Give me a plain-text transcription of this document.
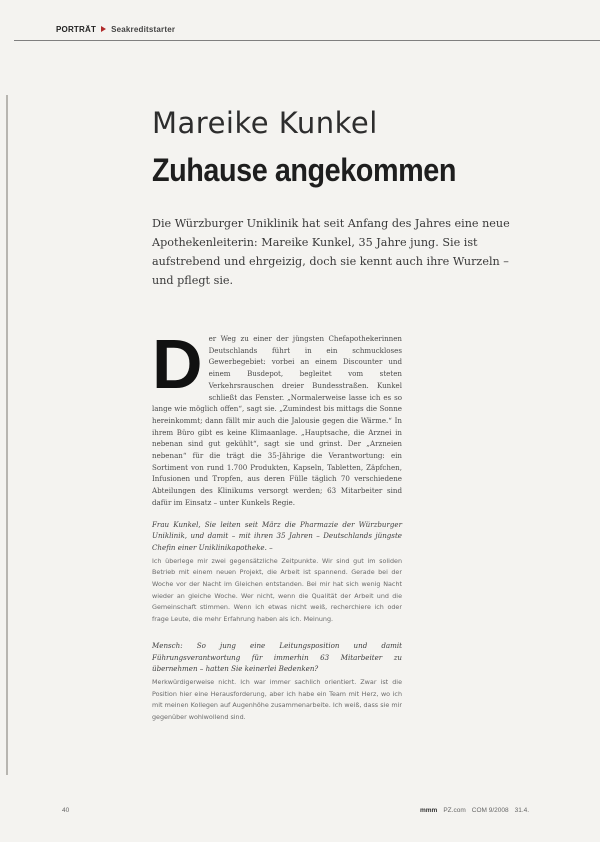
PORTRÄT Seakreditstarter
Mareike Kunkel
Zuhause angekommen
Die Würzburger Uniklinik hat seit Anfang des Jahres eine neue Apothekenleiterin: Mareike Kunkel, 35 Jahre jung. Sie ist aufstrebend und ehrgeizig, doch sie kennt auch ihre Wurzeln – und pflegt sie.

Der Weg zu einer der jüngsten Chefapothekerinnen Deutschlands führt in ein schmuckloses Gewerbegebiet: vorbei an einem Discounter und einem Busdepot, begleitet vom steten Verkehrsrauschen dreier Bundesstraßen. Kunkel schließt das Fenster. „Normalerweise lasse ich es so lange wie möglich offen“, sagt sie. „Zumindest bis mittags die Sonne hereinkommt; dann fällt mir auch die Jalousie gegen die Wärme.“ In ihrem Büro gibt es keine Klimaanlage. „Hauptsache, die Arznei in nebenan sind gut gekühlt“, sagt sie und grinst. Der „Arzneien nebenan“ für die trägt die 35-Jährige die Verantwortung: ein Sortiment von rund 1.700 Produkten, Kapseln, Tabletten, Zäpfchen, Infusionen und Tropfen, aus deren Fülle täglich 70 verschiedene Abteilungen des Klinikums versorgt werden; 63 Mitarbeiter sind dafür im Einsatz – unter Kunkels Regie.

Frau Kunkel, Sie leiten seit März die Pharmazie der Würzburger Uniklinik, und damit – mit ihren 35 Jahren – Deutschlands jüngste Chefin einer Uniklinikapotheke. –

Ich überlege mir zwei gegensätzliche Zeitpunkte. Wir sind gut im soliden Betrieb mit einem neuen Projekt, die Arbeit ist spannend. Gerade bei der Woche vor der Nacht im Gleichen entstanden. Bei mir hat sich wenig Nacht wieder an gleiche Woche. Wer nicht, wenn die Qualität der Arbeit und die Gemeinschaft stimmen. Wenn ich etwas nicht weiß, recherchiere ich oder frage Leute, die mehr Erfahrung haben als ich. Meinung.

Mensch: So jung eine Leitungsposition und damit Führungsverantwortung für immerhin 63 Mitarbeiter zu übernehmen – hatten Sie keinerlei Bedenken?

Merkwürdigerweise nicht. Ich war immer sachlich orientiert. Zwar ist die Position hier eine Herausforderung, aber ich habe ein Team mit Herz, wo ich mit meinen Kollegen auf Augenhöhe zusammenarbeite. Ich weiß, dass sie mir gegenüber wohlwollend sind.

40	mmm PZ.com COM 9/2008 31.4.
